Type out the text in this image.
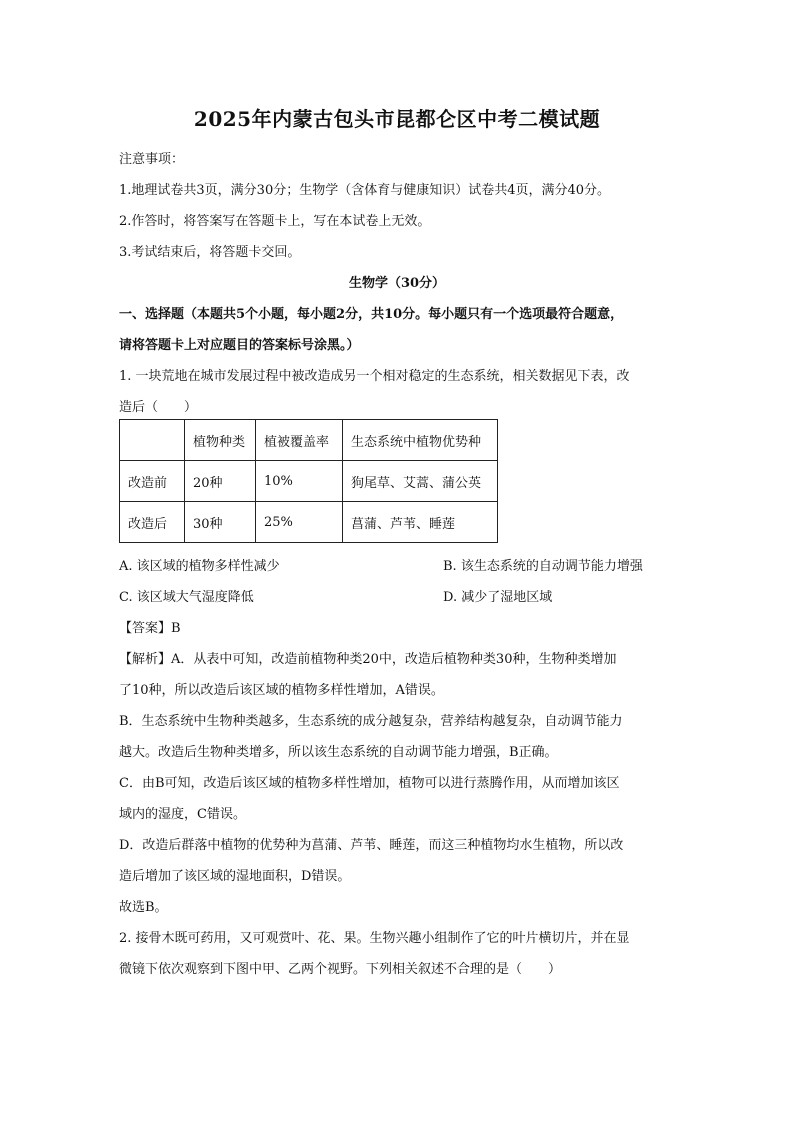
2025年内蒙古包头市昆都仑区中考二模试题
注意事项：
1.地理试卷共3页，满分30分；生物学（含体育与健康知识）试卷共4页，满分40分。
2.作答时，将答案写在答题卡上，写在本试卷上无效。
3.考试结束后，将答题卡交回。
生物学（30分）
一、选择题（本题共5个小题，每小题2分，共10分。每小题只有一个选项最符合题意，
请将答题卡上对应题目的答案标号涂黑。）
1. 一块荒地在城市发展过程中被改造成另一个相对稳定的生态系统，相关数据见下表，改
造后（　　）
	植物种类	植被覆盖率	生态系统中植物优势种
改造前	20种	10%	狗尾草、艾蒿、蒲公英
改造后	30种	25%	菖蒲、芦苇、睡莲
A. 该区域的植物多样性减少	B. 该生态系统的自动调节能力增强
C. 该区域大气湿度降低	D. 减少了湿地区域
【答案】B
【解析】A．从表中可知，改造前植物种类20中，改造后植物种类30种，生物种类增加
了10种，所以改造后该区域的植物多样性增加，A错误。
B．生态系统中生物种类越多，生态系统的成分越复杂，营养结构越复杂，自动调节能力
越大。改造后生物种类增多，所以该生态系统的自动调节能力增强，B正确。
C．由B可知，改造后该区域的植物多样性增加，植物可以进行蒸腾作用，从而增加该区
域内的湿度，C错误。
D．改造后群落中植物的优势种为菖蒲、芦苇、睡莲，而这三种植物均水生植物，所以改
造后增加了该区域的湿地面积，D错误。
故选B。
2. 接骨木既可药用，又可观赏叶、花、果。生物兴趣小组制作了它的叶片横切片，并在显
微镜下依次观察到下图中甲、乙两个视野。下列相关叙述不合理的是（　　）
